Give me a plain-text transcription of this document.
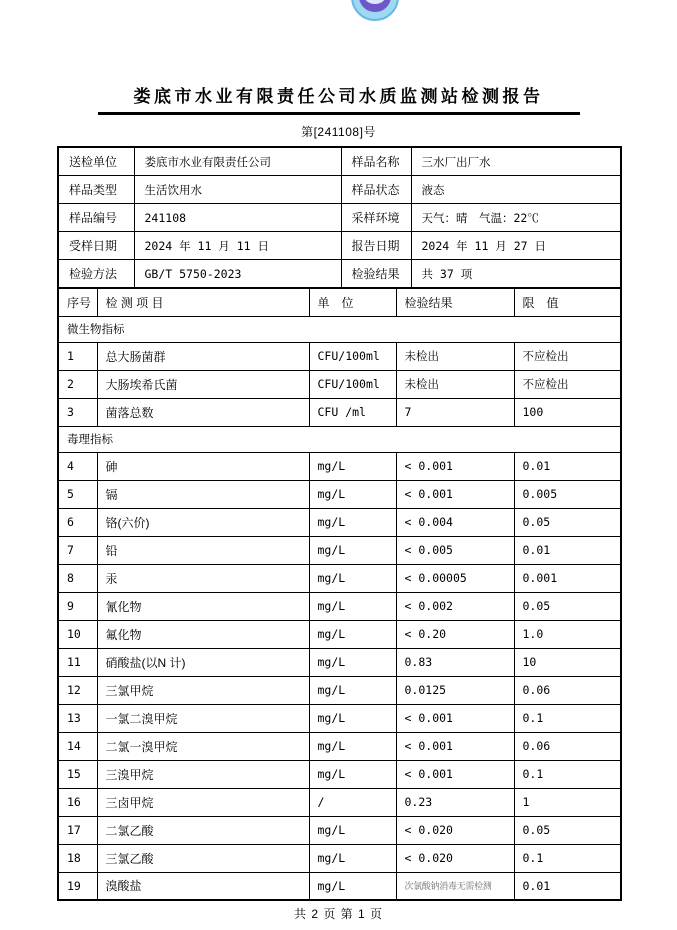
娄底市水业有限责任公司水质监测站检测报告
第[241108]号
送检单位	娄底市水业有限责任公司	样品名称	三水厂出厂水
样品类型	生活饮用水	样品状态	液态
样品编号	241108	采样环境	天气：晴　气温：22℃
受样日期	2024 年 11 月 11 日	报告日期	2024 年 11 月 27 日
检验方法	GB/T 5750-2023	检验结果	共 37 项
序号	检 测 项 目	单　位	检验结果	限　值
微生物指标				
1	总大肠菌群	CFU/100ml	未检出	不应检出
2	大肠埃希氏菌	CFU/100ml	未检出	不应检出
3	菌落总数	CFU /ml	7	100
毒理指标				
4	砷	mg/L	< 0.001	0.01
5	镉	mg/L	< 0.001	0.005
6	铬(六价)	mg/L	< 0.004	0.05
7	铅	mg/L	< 0.005	0.01
8	汞	mg/L	< 0.00005	0.001
9	氰化物	mg/L	< 0.002	0.05
10	氟化物	mg/L	< 0.20	1.0
11	硝酸盐(以N 计)	mg/L	0.83	10
12	三氯甲烷	mg/L	0.0125	0.06
13	一氯二溴甲烷	mg/L	< 0.001	0.1
14	二氯一溴甲烷	mg/L	< 0.001	0.06
15	三溴甲烷	mg/L	< 0.001	0.1
16	三卤甲烷	/	0.23	1
17	二氯乙酸	mg/L	< 0.020	0.05
18	三氯乙酸	mg/L	< 0.020	0.1
19	溴酸盐	mg/L	次氯酸钠消毒无需检测	0.01
共 2 页 第 1 页
